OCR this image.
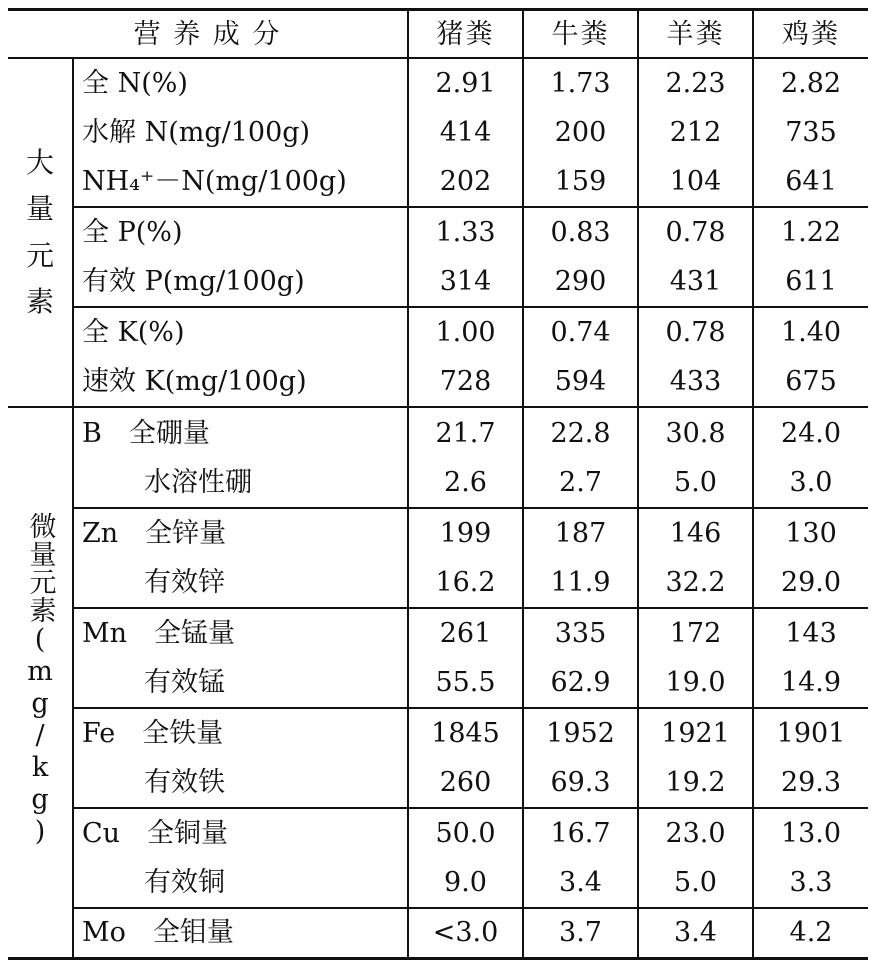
营 养 成 分		猪粪	牛粪	羊粪	鸡粪

大
量
元
素	全 N(%)	2.91	1.73	2.23	2.82
	水解 N(mg/100g)	414	200	212	735
	NH₄⁺－N(mg/100g)	202	159	104	641
	全 P(%)	1.33	0.83	0.78	1.22
	有效 P(mg/100g)	314	290	431	611
	全 K(%)	1.00	0.74	0.78	1.40
	速效 K(mg/100g)	728	594	433	675
微量元素(mg/kg)	B　全硼量	21.7	22.8	30.8	24.0
	水溶性硼	2.6	2.7	5.0	3.0
	Zn　全锌量	199	187	146	130
	有效锌	16.2	11.9	32.2	29.0
	Mn　全锰量	261	335	172	143
	有效锰	55.5	62.9	19.0	14.9
	Fe　全铁量	1845	1952	1921	1901
	有效铁	260	69.3	19.2	29.3
	Cu　全铜量	50.0	16.7	23.0	13.0
	有效铜	9.0	3.4	5.0	3.3
	Mo　全钼量	<3.0	3.7	3.4	4.2
